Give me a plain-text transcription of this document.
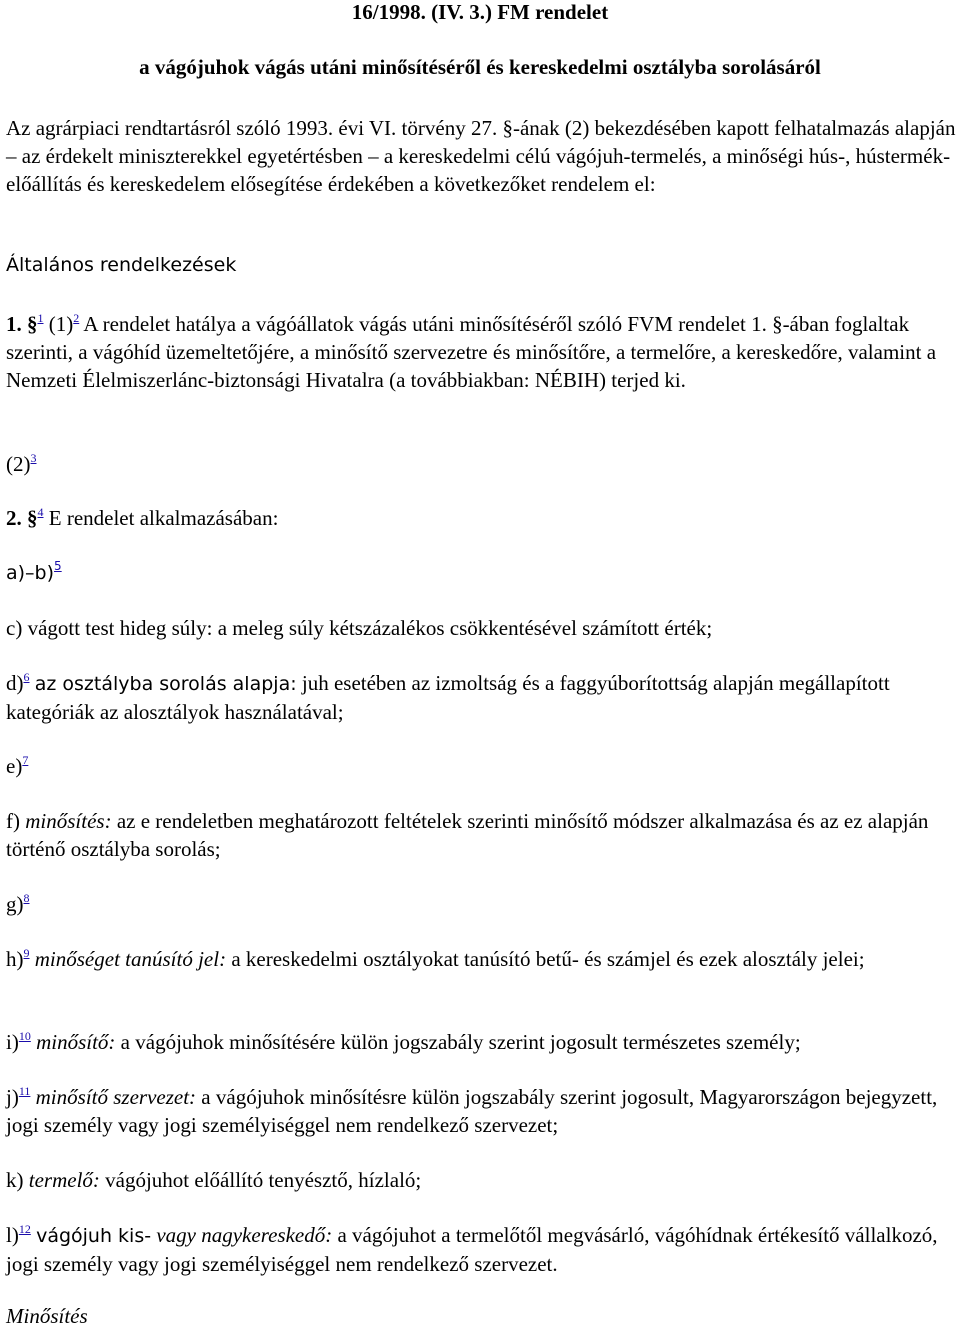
16/1998. (IV. 3.) FM rendelet
a vágójuhok vágás utáni minősítéséről és kereskedelmi osztályba sorolásáról

Az agrárpiaci rendtartásról szóló 1993. évi VI. törvény 27. §-ának (2) bekezdésében kapott felhatalmazás alapján – az érdekelt miniszterekkel egyetértésben – a kereskedelmi célú vágójuh-termelés, a minőségi hús-, hústermék-előállítás és kereskedelem elősegítése érdekében a következőket rendelem el:

Általános rendelkezések

1. §$^1$ $(1)^2$ A rendelet hatálya a vágóállatok vágás utáni minősítéséről szóló FVM rendelet 1. §-ában foglaltak szerinti, a vágóhíd üzemeltetőjére, a minősítő szervezetre és minősítőre, a termelőre, a kereskedőre, valamint a Nemzeti Élelmiszerlánc-biztonsági Hivatalra (a továbbiakban: NÉBIH) terjed ki.

$(2)^3$

2. §$^4$ E rendelet alkalmazásában:

a)–b)$^5$

c) vágott test hideg súly: a meleg súly kétszázalékos csökkentésével számított érték;

d)$^6$ az osztályba sorolás alapja: juh esetében az izmoltság és a faggyúborítottság alapján megállapított kategóriák az alosztályok használatával;

e)$^7$

f) minősítés: az e rendeletben meghatározott feltételek szerinti minősítő módszer alkalmazása és az ez alapján történő osztályba sorolás;

g)$^8$

h)$^9$ minőséget tanúsító jel: a kereskedelmi osztályokat tanúsító betű- és számjel és ezek alosztály jelei;

i)$^{10}$ minősítő: a vágójuhok minősítésére külön jogszabály szerint jogosult természetes személy;

j)$^{11}$ minősítő szervezet: a vágójuhok minősítésre külön jogszabály szerint jogosult, Magyarországon bejegyzett, jogi személy vagy jogi személyiséggel nem rendelkező szervezet;

k) termelő: vágójuhot előállító tenyésztő, hízlaló;

l)$^{12}$ vágójuh kis- vagy nagykereskedő: a vágójuhot a termelőtől megvásárló, vágóhídnak értékesítő vállalkozó, jogi személy vagy jogi személyiséggel nem rendelkező szervezet.

Minősítés
